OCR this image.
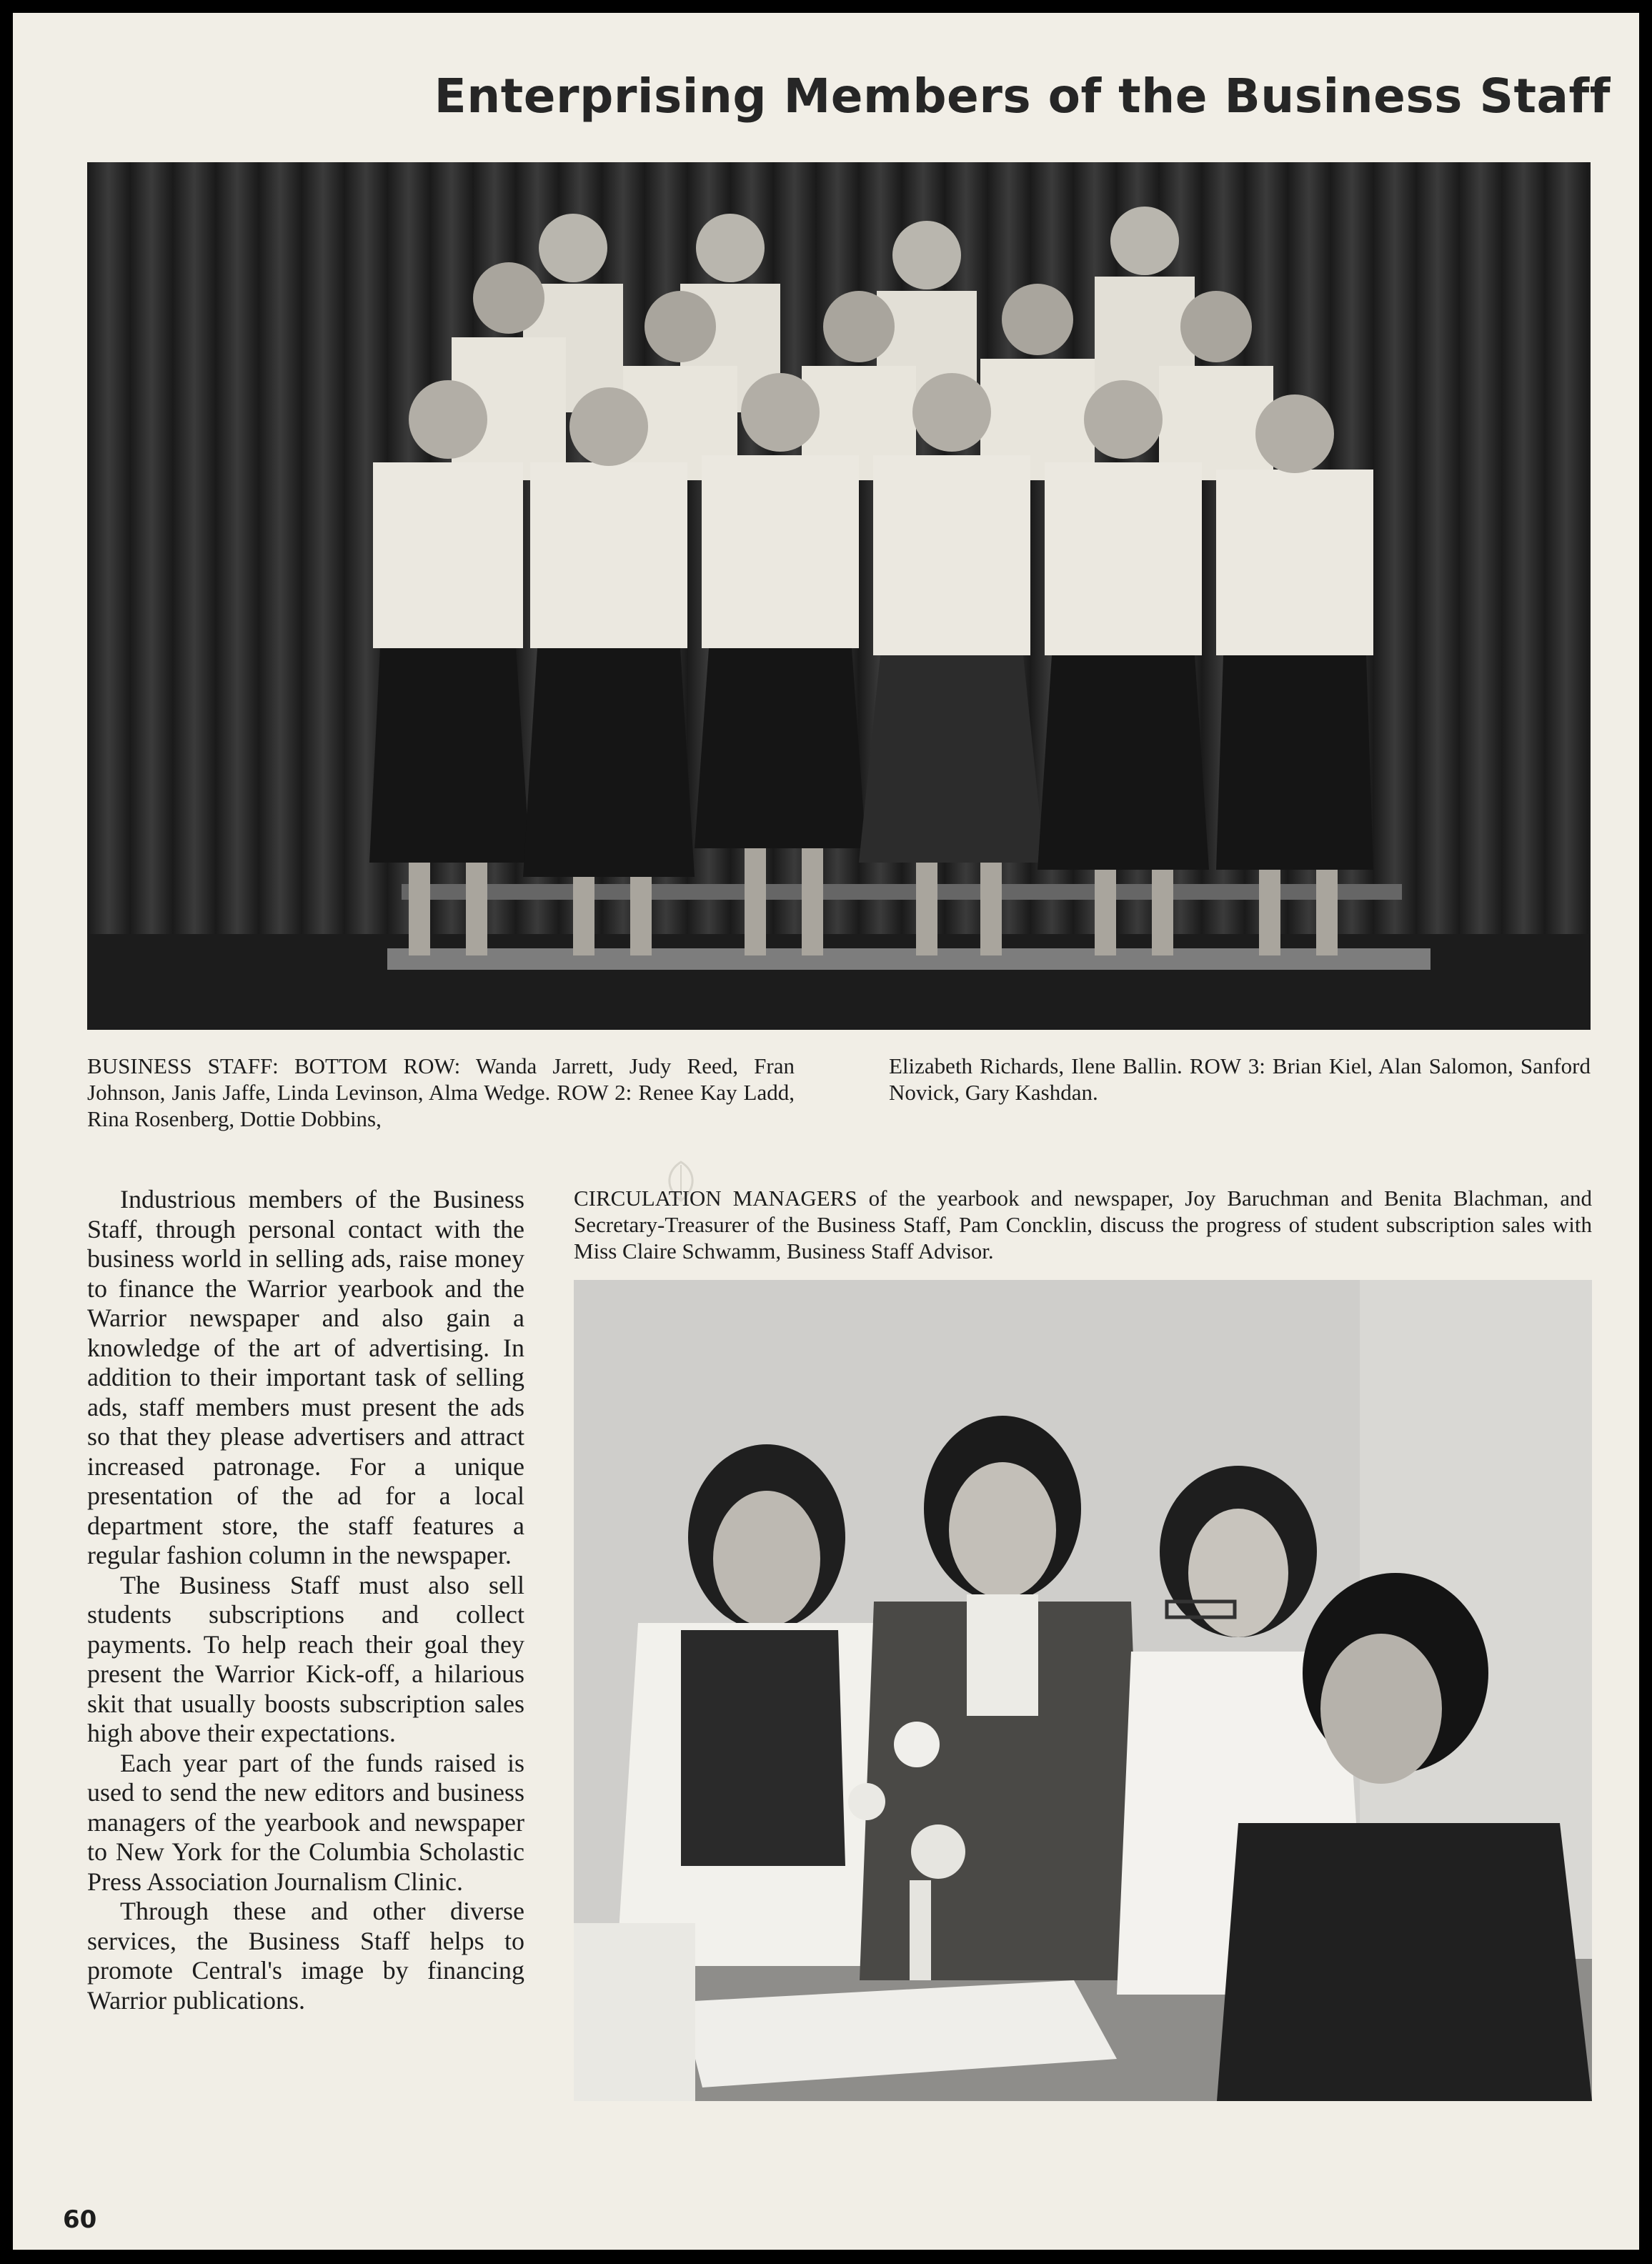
Enterprising Members of the Business Staff

BUSINESS STAFF: BOTTOM ROW: Wanda Jarrett, Judy Reed, Fran Johnson, Janis Jaffe, Linda Levinson, Alma Wedge. ROW 2: Renee Kay Ladd, Rina Rosenberg, Dottie Dobbins,

Elizabeth Richards, Ilene Ballin. ROW 3: Brian Kiel, Alan Salomon, Sanford Novick, Gary Kashdan.

Industrious members of the Business Staff, through personal contact with the business world in selling ads, raise money to finance the Warrior yearbook and the Warrior newspaper and also gain a knowledge of the art of advertising. In addition to their important task of selling ads, staff members must present the ads so that they please advertisers and attract increased patronage. For a unique presentation of the ad for a local department store, the staff features a regular fashion column in the newspaper.

The Business Staff must also sell students subscriptions and collect payments. To help reach their goal they present the Warrior Kick-off, a hilarious skit that usually boosts subscription sales high above their expectations.

Each year part of the funds raised is used to send the new editors and business managers of the yearbook and newspaper to New York for the Columbia Scholastic Press Association Journalism Clinic.

Through these and other diverse services, the Business Staff helps to promote Central's image by financing Warrior publications.

CIRCULATION MANAGERS of the yearbook and newspaper, Joy Baruchman and Benita Blachman, and Secretary-Treasurer of the Business Staff, Pam Concklin, discuss the progress of student subscription sales with Miss Claire Schwamm, Business Staff Advisor.

60
